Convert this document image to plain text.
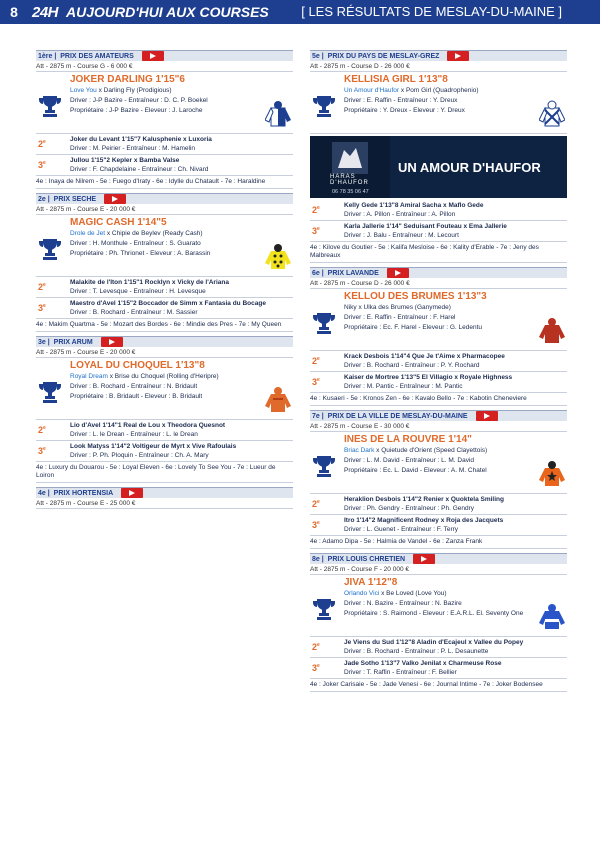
8 24H AUJOURD'HUI AUX COURSES [ LES RÉSULTATS DE MESLAY-DU-MAINE ]
1ère | PRIX DES AMATEURS
Att - 2875 m - Course G - 6 000 €
JOKER DARLING 1'15"6
Love You x Darling Fly (Prodigious)
Driver : J-P Bazire - Entraîneur : D. C. P. Boekel
Propriétaire : J-P Bazire - Eleveur : J. Laroche
2e	Joker du Levant 1'15"7 Kalusphenie x Luxoria
Driver : M. Peirier - Entraîneur : M. Hamelin
3e	Jullou 1'15"2 Kepler x Bamba Valse
Driver : F. Chapdelaine - Entraîneur : Ch. Nivard
4e : Inaya de Nilrem - 5e : Fuego d'Iraty - 6e : Idylle du Chatault - 7e : Haraldine
2e | PRIX SECHE
Att - 2875 m - Course E - 20 000 €
MAGIC CASH 1'14"5
Drole de Jet x Chipie de Beylev (Ready Cash)
Driver : H. Monthule - Entraîneur : S. Guarato
Propriétaire : Ph. Thrionet - Eleveur : A. Barassin
2e	Malakite de l'Iton 1'15"1 Rocklyn x Vicky de l'Ariana
Driver : T. Levesque - Entraîneur : H. Levesque
3e	Maestro d'Avel 1'15"2 Boccador de Simm x Fantasia du Bocage
Driver : B. Rochard - Entraîneur : M. Sassier
4e : Makim Quartma - 5e : Mozart des Bordes - 6e : Mindie des Pres - 7e : My Queen
3e | PRIX ARUM
Att - 2875 m - Course E - 20 000 €
LOYAL DU CHOQUEL 1'13"8
Royal Dream x Brise du Choquel (Rolling d'Heripre)
Driver : B. Rochard - Entraîneur : N. Bridault
Propriétaire : B. Bridault - Eleveur : B. Bridault
2e	Lio d'Avel 1'14"1 Real de Lou x Theodora Quesnot
Driver : L. le Drean - Entraîneur : L. le Drean
3e	Look Matyss 1'14"2 Voltigeur de Myrt x Vive Rafoulais
Driver : P. Ph. Ploquin - Entraîneur : Ch. A. Mary
4e : Luxury du Douarou - 5e : Loyal Eleven - 6e : Lovely To See You - 7e : Lueur de Loiron
4e | PRIX HORTENSIA
Att - 2875 m - Course E - 25 000 €
5e | PRIX DU PAYS DE MESLAY-GREZ
Att - 2875 m - Course D - 26 000 €
KELLISIA GIRL 1'13"8
Un Amour d'Haufor x Pom Girl (Quadrophenio)
Driver : E. Raffin - Entraîneur : Y. Dreux
Propriétaire : Y. Dreux - Eleveur : Y. Dreux
HARAS D'HAUFOR
06 78 35 06 47
UN AMOUR D'HAUFOR
2e	Kelly Gede 1'13"8 Amiral Sacha x Maflo Gede
Driver : A. Pillon - Entraîneur : A. Pillon
3e	Karla Jallerie 1'14" Seduisant Fouteau x Ema Jallerie
Driver : J. Balu - Entraîneur : M. Lecourt
4e : Kilove du Goutier - 5e : Kalifa Mesloise - 6e : Kality d'Erable - 7e : Jeny des Malbreaux
6e | PRIX LAVANDE
Att - 2875 m - Course D - 26 000 €
KELLOU DES BRUMES 1'13"3
Niky x Ulka des Brumes (Ganymede)
Driver : E. Raffin - Entraîneur : F. Harel
Propriétaire : Ec. F. Harel - Eleveur : G. Ledentu
2e	Krack Desbois 1'14"4 Que Je t'Aime x Pharmacopee
Driver : B. Rochard - Entraîneur : P. Y. Rochard
3e	Kaiser de Mortree 1'13"5 El Villagio x Royale Highness
Driver : M. Pantic - Entraîneur : M. Pantic
4e : Kusaeri - 5e : Kronos Zen - 6e : Kavalo Bello - 7e : Kabotin Cheneviere
7e | PRIX DE LA VILLE DE MESLAY-DU-MAINE
Att - 2875 m - Course E - 30 000 €
INES DE LA ROUVRE 1'14"
Briac Dark x Quietude d'Orient (Speed Clayettois)
Driver : L. M. David - Entraîneur : L. M. David
Propriétaire : Ec. L. David - Eleveur : A. M. Chatel
2e	Heraklion Desbois 1'14"2 Renier x Quoktela Smiling
Driver : Ph. Gendry - Entraîneur : Ph. Gendry
3e	Itro 1'14"2 Magnificent Rodney x Roja des Jacquets
Driver : L. Guenet - Entraîneur : F. Terry
4e : Adamo Dipa - 5e : Halmia de Vandel - 6e : Zanza Frank
8e | PRIX LOUIS CHRETIEN
Att - 2875 m - Course F - 20 000 €
JIVA 1'12"8
Orlando Vici x Be Loved (Love You)
Driver : N. Bazire - Entraîneur : N. Bazire
Propriétaire : S. Raimond - Eleveur : E.A.R.L. El. Seventy One
2e	Je Viens du Sud 1'12"8 Aladin d'Ecajeul x Vallee du Popey
Driver : B. Rochard - Entraîneur : P. L. Desaunette
3e	Jade Sotho 1'13"7 Valko Jenilat x Charmeuse Rose
Driver : T. Raffin - Entraîneur : F. Bellier
4e : Joker Carisaie - 5e : Jade Venesi - 6e : Journal Intime - 7e : Joker Bodensee
